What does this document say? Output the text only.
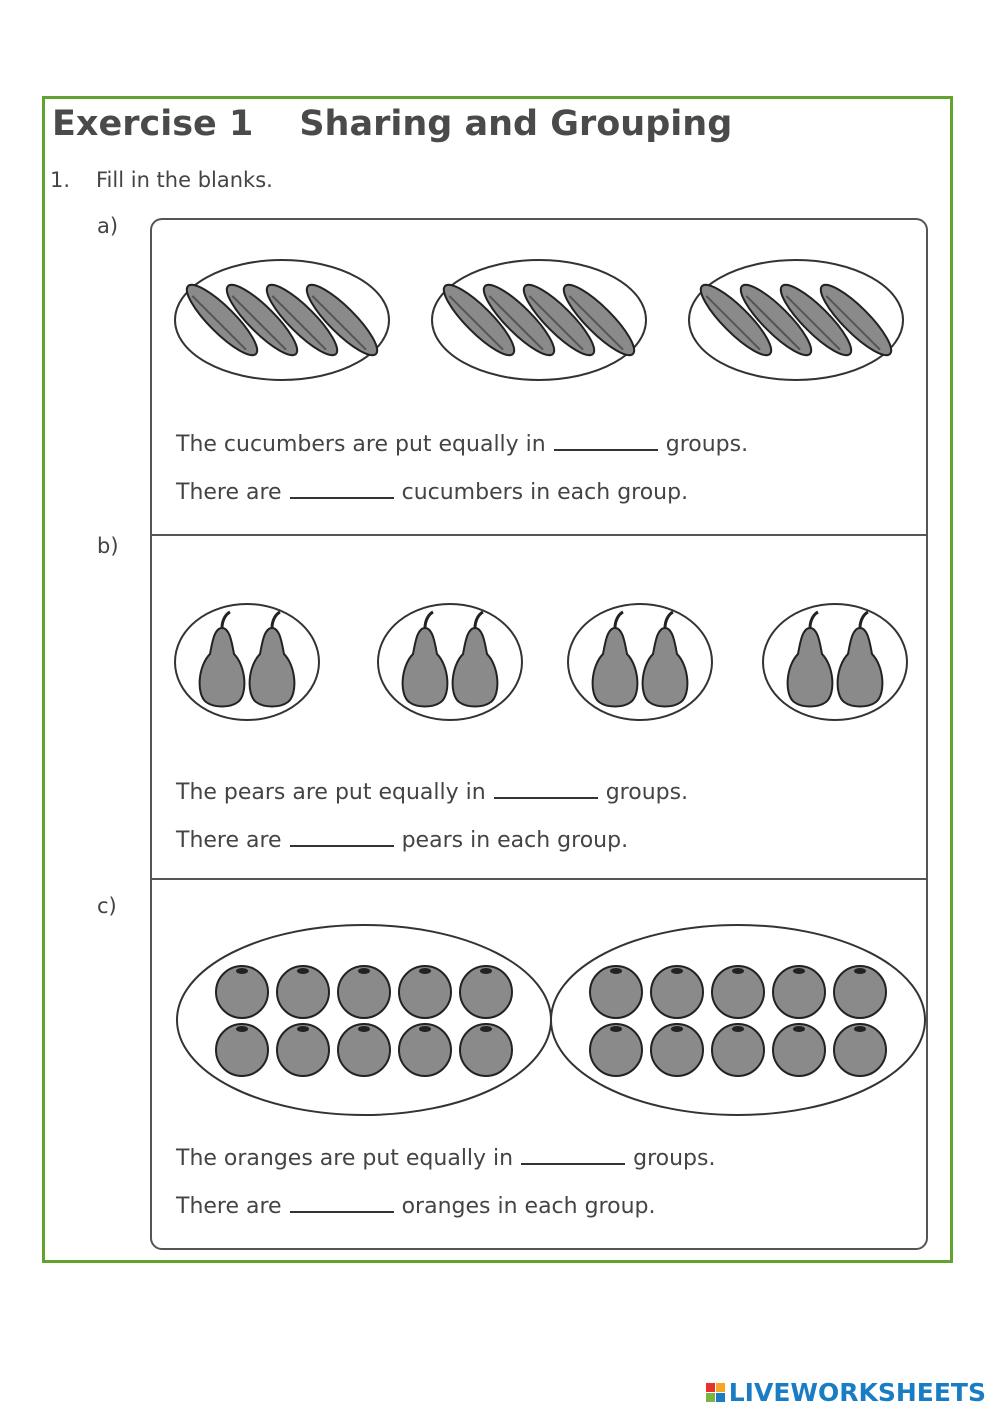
Exercise 1 Sharing and Grouping
1. Fill in the blanks.
a)
The cucumbers are put equally in	groups.
There are	cucumbers in each group.
b)
The pears are put equally in	groups.
There are	pears in each group.
c)
The oranges are put equally in	groups.
There are	oranges in each group.
LIVEWORKSHEETS
